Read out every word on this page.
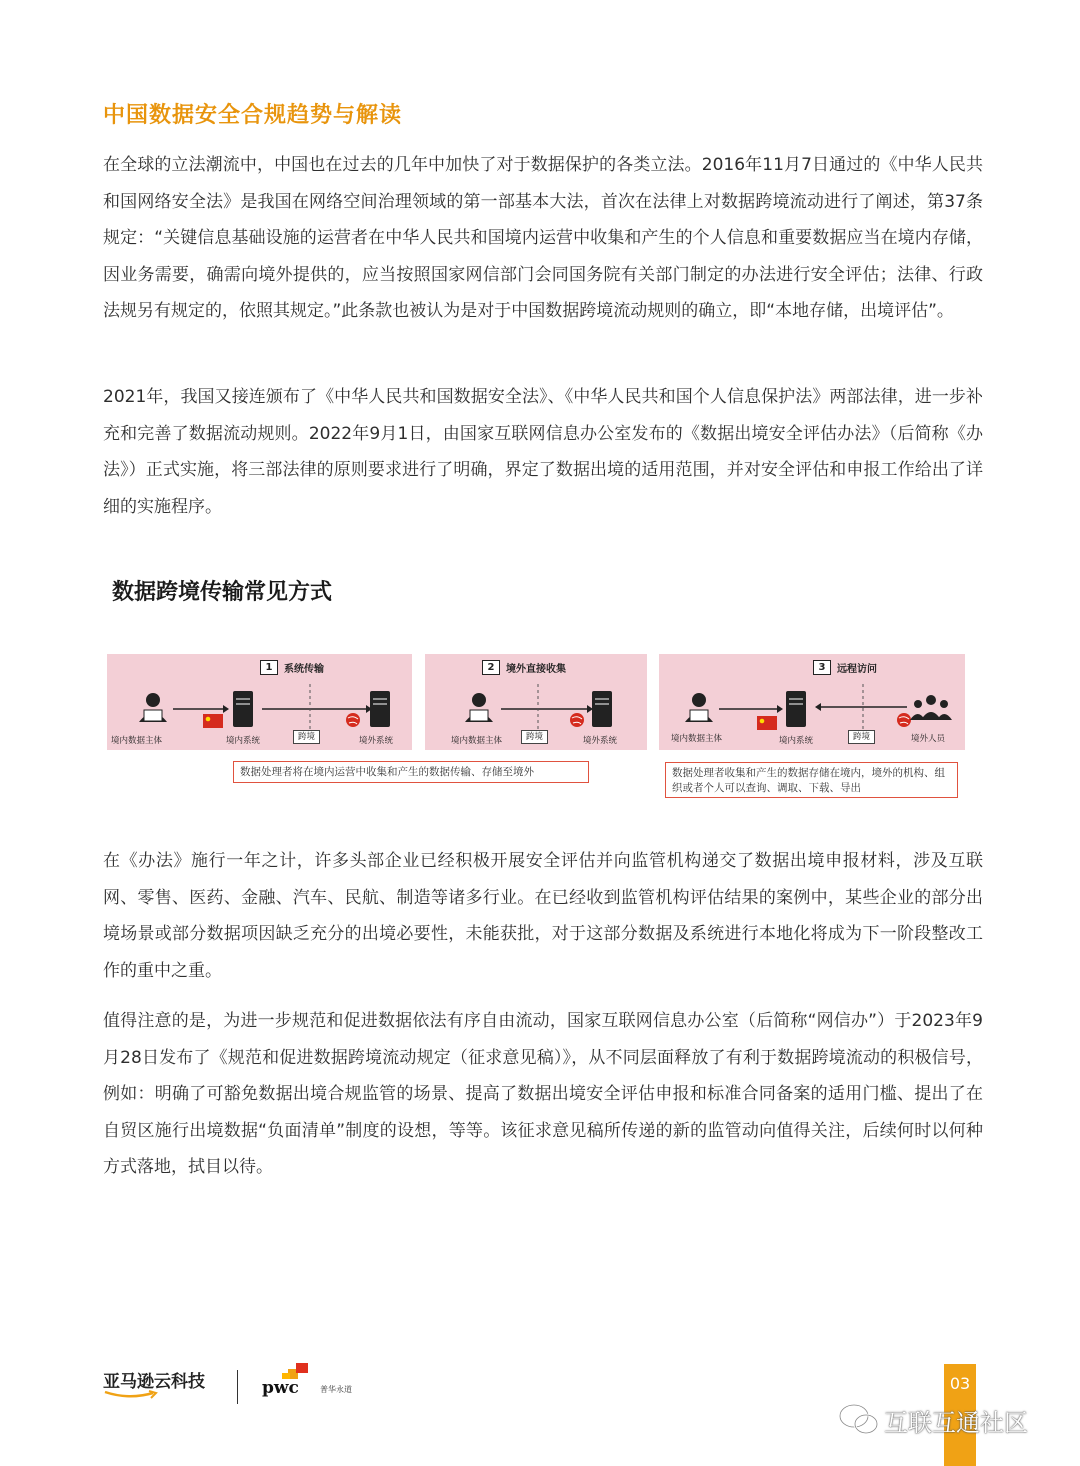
中国数据安全合规趋势与解读

在全球的立法潮流中，中国也在过去的几年中加快了对于数据保护的各类立法。2016年11月7日通过的《中华人民共和国网络安全法》是我国在网络空间治理领域的第一部基本大法，首次在法律上对数据跨境流动进行了阐述，第37条规定：“关键信息基础设施的运营者在中华人民共和国境内运营中收集和产生的个人信息和重要数据应当在境内存储，因业务需要，确需向境外提供的，应当按照国家网信部门会同国务院有关部门制定的办法进行安全评估；法律、行政法规另有规定的，依照其规定。”此条款也被认为是对于中国数据跨境流动规则的确立，即“本地存储，出境评估”。

2021年，我国又接连颁布了《中华人民共和国数据安全法》、《中华人民共和国个人信息保护法》两部法律，进一步补充和完善了数据流动规则。2022年9月1日，由国家互联网信息办公室发布的《数据出境安全评估办法》（后简称《办法》）正式实施，将三部法律的原则要求进行了明确，界定了数据出境的适用范围，并对安全评估和申报工作给出了详细的实施程序。

数据跨境传输常见方式
1	系统传输
境内数据主体	境内系统	跨境	境外系统
2	境外直接收集
境内数据主体	跨境	境外系统
3	远程访问
境内数据主体	境内系统	跨境	境外人员
数据处理者将在境内运营中收集和产生的数据传输、存储至境外	数据处理者收集和产生的数据存储在境内，境外的机构、组织或者个人可以查询、调取、下载、导出

在《办法》施行一年之计，许多头部企业已经积极开展安全评估并向监管机构递交了数据出境申报材料，涉及互联网、零售、医药、金融、汽车、民航、制造等诸多行业。在已经收到监管机构评估结果的案例中，某些企业的部分出境场景或部分数据项因缺乏充分的出境必要性，未能获批，对于这部分数据及系统进行本地化将成为下一阶段整改工作的重中之重。

值得注意的是，为进一步规范和促进数据依法有序自由流动，国家互联网信息办公室（后简称“网信办”）于2023年9月28日发布了《规范和促进数据跨境流动规定（征求意见稿）》，从不同层面释放了有利于数据跨境流动的积极信号，例如：明确了可豁免数据出境合规监管的场景、提高了数据出境安全评估申报和标准合同备案的适用门槛、提出了在自贸区施行出境数据“负面清单”制度的设想，等等。该征求意见稿所传递的新的监管动向值得关注，后续何时以何种方式落地，拭目以待。

亚马逊云科技	pwc	普华永道	03
互联互通社区
